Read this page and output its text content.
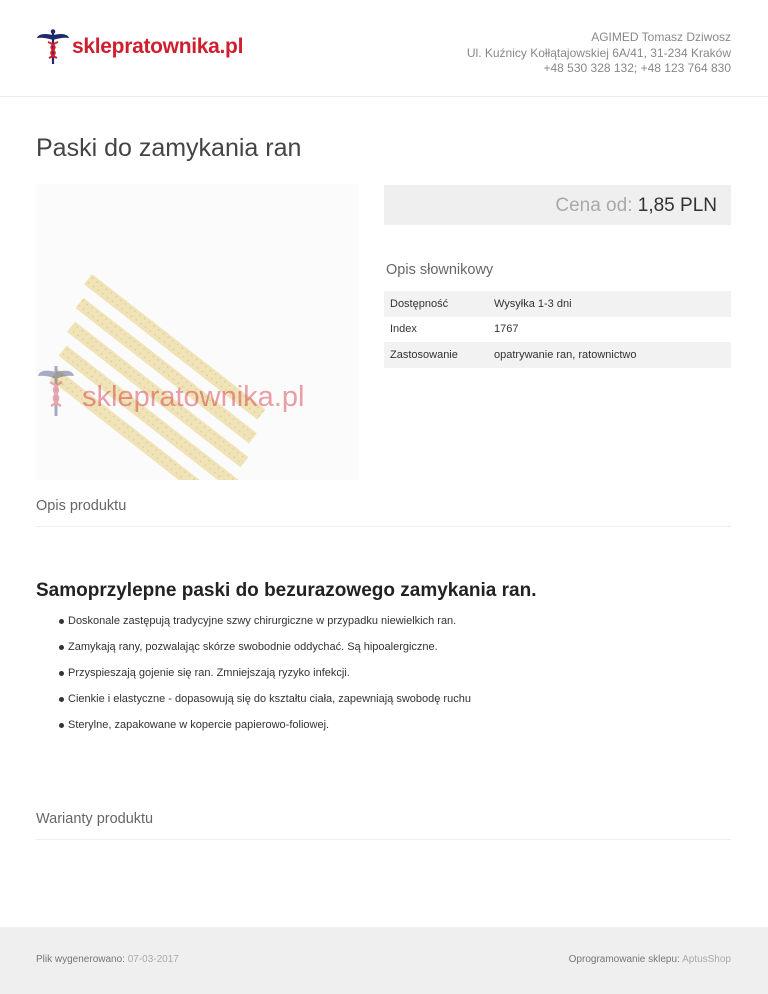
sklepratownika.pl	AGIMED Tomasz Dziwosz
Ul. Kuźnicy Kołłątajowskiej 6A/41, 31-234 Kraków
+48 530 328 132; +48 123 764 830
Paski do zamykania ran
sklepratownika.pl
Cena od: 1,85 PLN
Opis słownikowy
Dostępność	Wysyłka 1-3 dni
Index	1767
Zastosowanie	opatrywanie ran, ratownictwo
Opis produktu
Samoprzylepne paski do bezurazowego zamykania ran.
Doskonale zastępują tradycyjne szwy chirurgiczne w przypadku niewielkich ran.
Zamykają rany, pozwalając skórze swobodnie oddychać. Są hipoalergiczne.
Przyspieszają gojenie się ran. Zmniejszają ryzyko infekcji.
Cienkie i elastyczne - dopasowują się do kształtu ciała, zapewniają swobodę ruchu
Sterylne, zapakowane w kopercie papierowo-foliowej.
Warianty produktu
Plik wygenerowano: 07-03-2017	Oprogramowanie sklepu: AptusShop
